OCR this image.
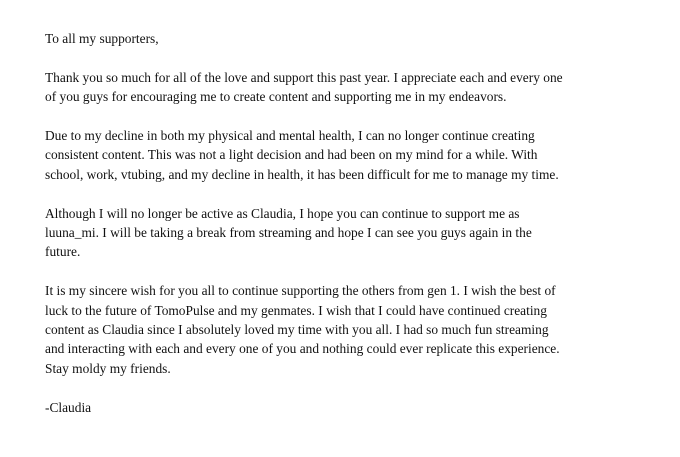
To all my supporters,

Thank you so much for all of the love and support this past year. I appreciate each and every one
of you guys for encouraging me to create content and supporting me in my endeavors.
Due to my decline in both my physical and mental health, I can no longer continue creating
consistent content. This was not a light decision and had been on my mind for a while. With
school, work, vtubing, and my decline in health, it has been difficult for me to manage my time.
Although I will no longer be active as Claudia, I hope you can continue to support me as
luuna_mi. I will be taking a break from streaming and hope I can see you guys again in the
future.
It is my sincere wish for you all to continue supporting the others from gen 1. I wish the best of
luck to the future of TomoPulse and my genmates. I wish that I could have continued creating
content as Claudia since I absolutely loved my time with you all. I had so much fun streaming
and interacting with each and every one of you and nothing could ever replicate this experience.
Stay moldy my friends.

-Claudia
